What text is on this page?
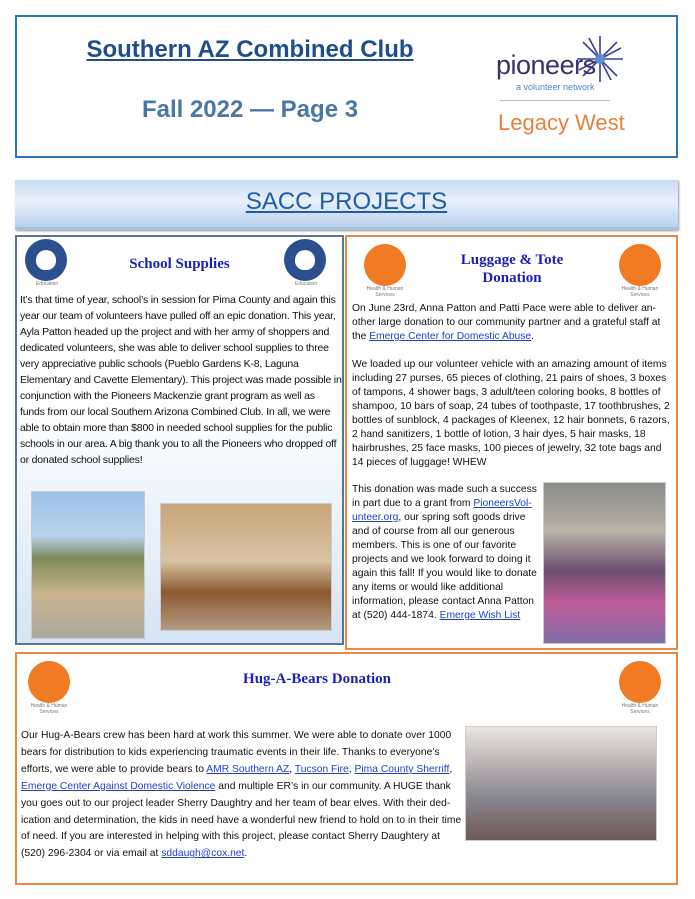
Southern AZ Combined Club
Fall 2022 — Page 3
pioneers
a volunteer network
Legacy West
SACC PROJECTS
Education	Education
School Supplies
It’s that time of year, school’s in session for Pima County and again this year our team of volunteers have pulled off an epic donation. This year, Ayla Patton headed up the project and with her army of shoppers and dedicated volunteers, she was able to deliver school supplies to three very appreciative public schools (Pueblo Gardens K-8, Laguna Elementary and Cavette Elementary). This project was made possible in conjunction with the Pioneers Mackenzie grant program as well as funds from our local Southern Arizona Combined Club. In all, we were able to obtain more than $800 in needed school supplies for the public schools in our area. A big thank you to all the Pioneers who dropped off or donated school supplies!
Health & Human Services
Health & Human Services
Luggage & Tote
Donation

On June 23rd, Anna Patton and Patti Pace were able to deliver another large donation to our community partner and a grateful staff at the Emerge Center for Domestic Abuse.

We loaded up our volunteer vehicle with an amazing amount of items including 27 purses, 65 pieces of clothing, 21 pairs of shoes, 3 boxes of tampons, 4 shower bags, 3 adult/teen coloring books, 8 bottles of shampoo, 10 bars of soap, 24 tubes of toothpaste, 17 toothbrushes, 2 bottles of sunblock, 4 packages of Kleenex, 12 hair bonnets, 6 razors, 2 hand sanitizers, 1 bottle of lotion, 3 hair dyes, 5 hair masks, 18 hairbrushes, 25 face masks, 100 pieces of jewelry, 32 tote bags and 14 pieces of luggage! WHEW

This donation was made such a success in part due to a grant from PioneersVolunteer.org, our spring soft goods drive and of course from all our generous members. This is one of our favorite projects and we look forward to doing it again this fall! If you would like to donate any items or would like additional information, please contact Anna Patton at (520) 444-1874. Emerge Wish List
Health & Human Services
Health & Human Services
Hug-A-Bears Donation
Our Hug-A-Bears crew has been hard at work this summer. We were able to donate over 1000 bears for distribution to kids experiencing traumatic events in their life. Thanks to everyone’s efforts, we were able to provide bears to AMR Southern AZ, Tucson Fire, Pima County Sherriff, Emerge Center Against Domestic Violence and multiple ER’s in our community. A HUGE thank you goes out to our project leader Sherry Daughtry and her team of bear elves. With their dedication and determination, the kids in need have a wonderful new friend to hold on to in their time of need. If you are interested in helping with this project, please contact Sherry Daughtery at (520) 296-2304 or via email at sddaugh@cox.net.
